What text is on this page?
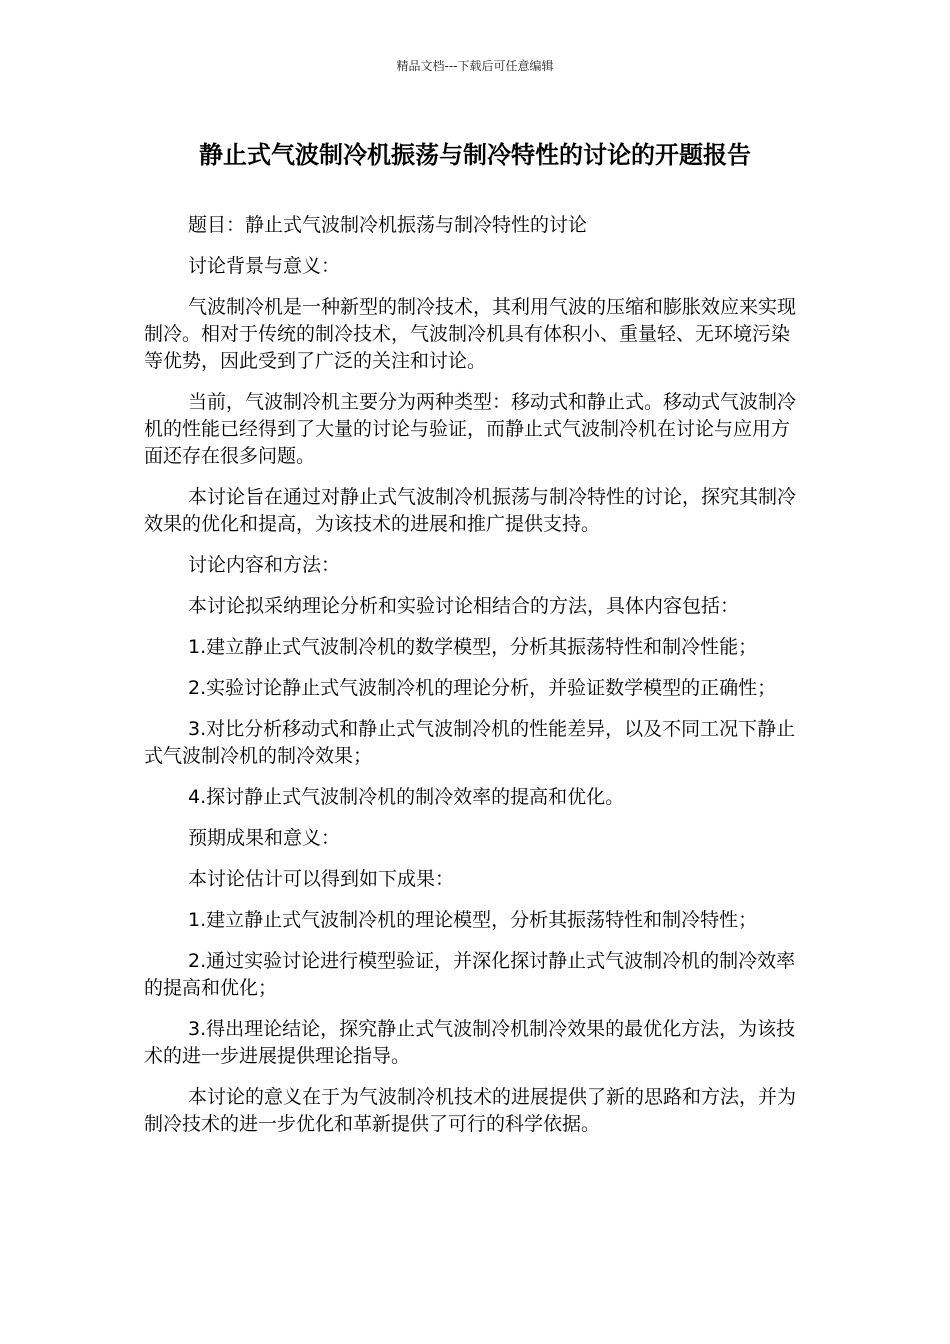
精品文档---下载后可任意编辑
静止式气波制冷机振荡与制冷特性的讨论的开题报告

题目：静止式气波制冷机振荡与制冷特性的讨论

讨论背景与意义：

气波制冷机是一种新型的制冷技术，其利用气波的压缩和膨胀效应来实现制冷。相对于传统的制冷技术，气波制冷机具有体积小、重量轻、无环境污染等优势，因此受到了广泛的关注和讨论。

当前，气波制冷机主要分为两种类型：移动式和静止式。移动式气波制冷机的性能已经得到了大量的讨论与验证，而静止式气波制冷机在讨论与应用方面还存在很多问题。

本讨论旨在通过对静止式气波制冷机振荡与制冷特性的讨论，探究其制冷效果的优化和提高，为该技术的进展和推广提供支持。

讨论内容和方法：

本讨论拟采纳理论分析和实验讨论相结合的方法，具体内容包括：

1.建立静止式气波制冷机的数学模型，分析其振荡特性和制冷性能；

2.实验讨论静止式气波制冷机的理论分析，并验证数学模型的正确性；

3.对比分析移动式和静止式气波制冷机的性能差异，以及不同工况下静止式气波制冷机的制冷效果；

4.探讨静止式气波制冷机的制冷效率的提高和优化。

预期成果和意义：

本讨论估计可以得到如下成果：

1.建立静止式气波制冷机的理论模型，分析其振荡特性和制冷特性；

2.通过实验讨论进行模型验证，并深化探讨静止式气波制冷机的制冷效率的提高和优化；

3.得出理论结论，探究静止式气波制冷机制冷效果的最优化方法，为该技术的进一步进展提供理论指导。

本讨论的意义在于为气波制冷机技术的进展提供了新的思路和方法，并为制冷技术的进一步优化和革新提供了可行的科学依据。
